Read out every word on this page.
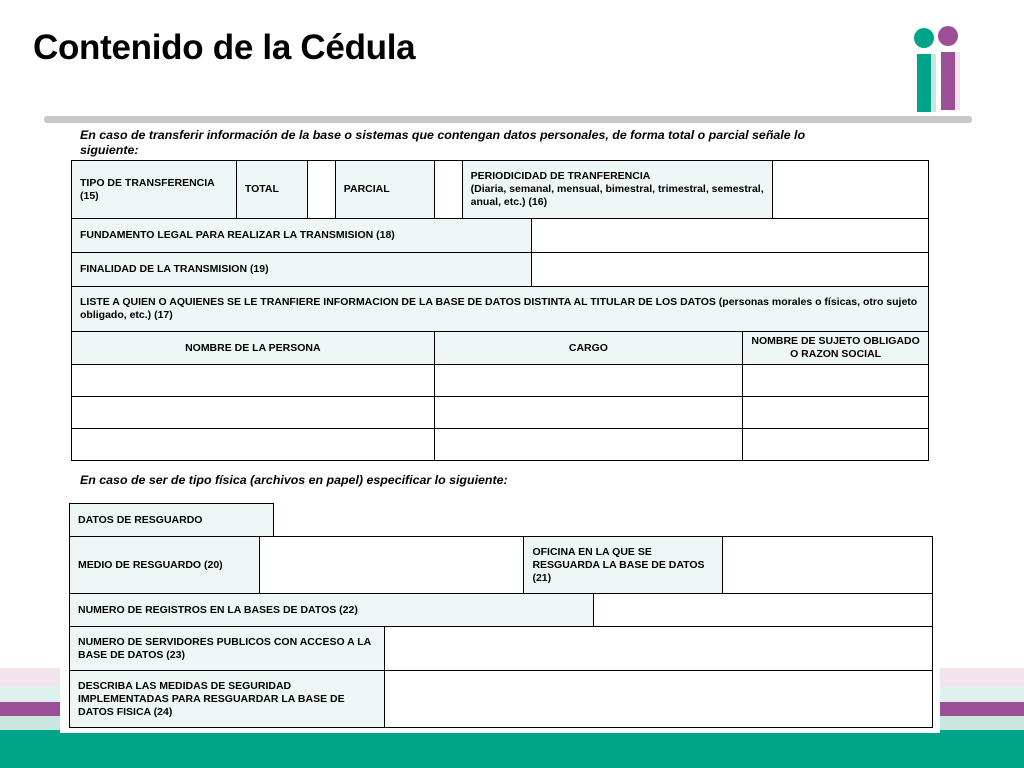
Contenido de la Cédula
En caso de transferir información de la base o sistemas que contengan datos personales, de forma total o parcial señale lo
siguiente:
TIPO DE TRANSFERENCIA (15)	TOTAL		PARCIAL		PERIODICIDAD DE TRANFERENCIA
(Diaria, semanal, mensual, bimestral, trimestral, semestral, anual, etc.) (16)			

FUNDAMENTO LEGAL PARA REALIZAR LA TRANSMISION (18)								
FINALIDAD DE LA TRANSMISION (19)								
LISTE A QUIEN O AQUIENES SE LE TRANFIERE INFORMACION DE LA BASE DE DATOS DISTINTA AL TITULAR DE LOS DATOS (personas morales o físicas, otro sujeto obligado, etc.) (17)								
NOMBRE DE LA PERSONA				CARGO			NOMBRE DE SUJETO OBLIGADO O RAZON SOCIAL	

En caso de ser de tipo física (archivos en papel) especificar lo siguiente:
DATOS DE RESGUARDO
MEDIO DE RESGUARDO (20)			OFICINA EN LA QUE SE RESGUARDA LA BASE DE DATOS (21)		
NUMERO DE REGISTROS EN LA BASES DE DATOS (22)					
NUMERO DE SERVIDORES PUBLICOS CON ACCESO A LA BASE DE DATOS (23)					
DESCRIBA LAS MEDIDAS DE SEGURIDAD IMPLEMENTADAS PARA RESGUARDAR LA BASE DE DATOS FISICA (24)					
